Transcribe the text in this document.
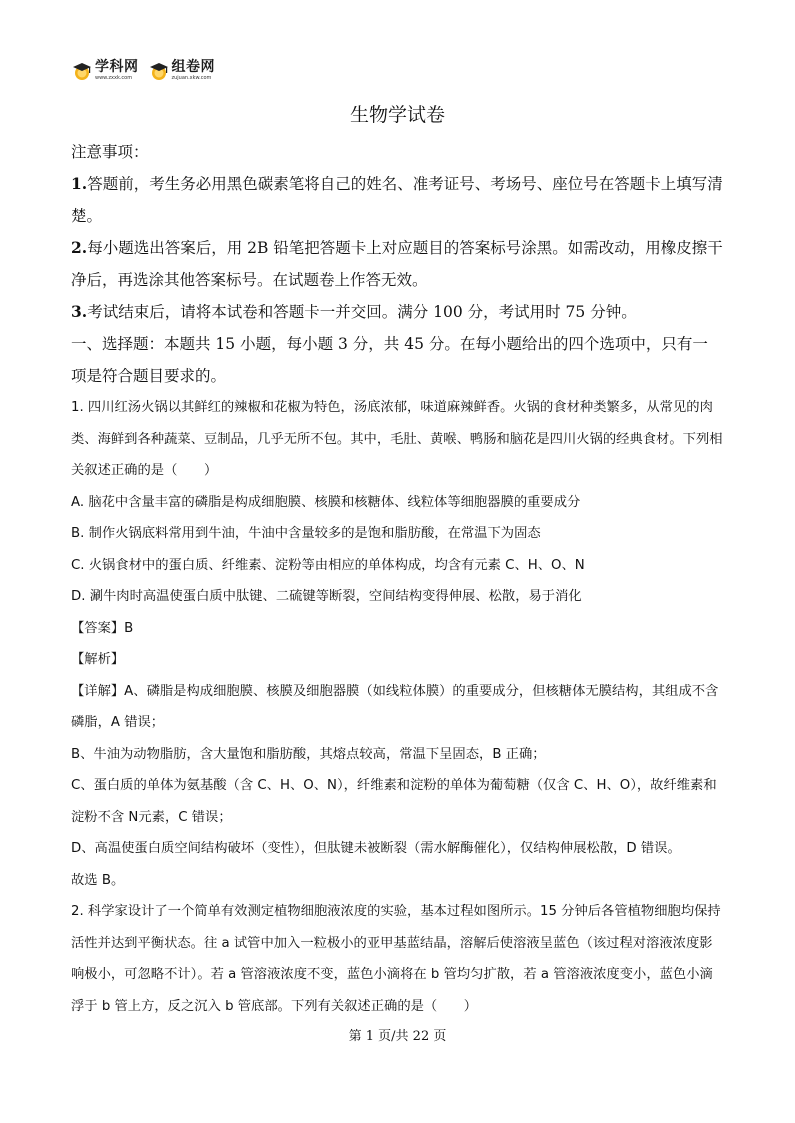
学科网
www.zxxk.com
组卷网
zujuan.xkw.com
生物学试卷

注意事项：

1.答题前，考生务必用黑色碳素笔将自己的姓名、准考证号、考场号、座位号在答题卡上填写清楚。

2.每小题选出答案后，用 2B 铅笔把答题卡上对应题目的答案标号涂黑。如需改动，用橡皮擦干净后，再选涂其他答案标号。在试题卷上作答无效。

3.考试结束后，请将本试卷和答题卡一并交回。满分 100 分，考试用时 75 分钟。

一、选择题：本题共 15 小题，每小题 3 分，共 45 分。在每小题给出的四个选项中，只有一项是符合题目要求的。

1. 四川红汤火锅以其鲜红的辣椒和花椒为特色，汤底浓郁，味道麻辣鲜香。火锅的食材种类繁多，从常见的肉类、海鲜到各种蔬菜、豆制品，几乎无所不包。其中，毛肚、黄喉、鸭肠和脑花是四川火锅的经典食材。下列相关叙述正确的是（　　）

A. 脑花中含量丰富的磷脂是构成细胞膜、核膜和核糖体、线粒体等细胞器膜的重要成分

B. 制作火锅底料常用到牛油，牛油中含量较多的是饱和脂肪酸，在常温下为固态

C. 火锅食材中的蛋白质、纤维素、淀粉等由相应的单体构成，均含有元素 C、H、O、N

D. 涮牛肉时高温使蛋白质中肽键、二硫键等断裂，空间结构变得伸展、松散，易于消化

【答案】B

【解析】

【详解】A、磷脂是构成细胞膜、核膜及细胞器膜（如线粒体膜）的重要成分，但核糖体无膜结构，其组成不含磷脂，A 错误；

B、牛油为动物脂肪，含大量饱和脂肪酸，其熔点较高，常温下呈固态，B 正确；

C、蛋白质的单体为氨基酸（含 C、H、O、N），纤维素和淀粉的单体为葡萄糖（仅含 C、H、O），故纤维素和淀粉不含 N元素，C 错误；

D、高温使蛋白质空间结构破坏（变性），但肽键未被断裂（需水解酶催化），仅结构伸展松散，D 错误。

故选 B。

2. 科学家设计了一个简单有效测定植物细胞液浓度的实验，基本过程如图所示。15 分钟后各管植物细胞均保持活性并达到平衡状态。往 a 试管中加入一粒极小的亚甲基蓝结晶，溶解后使溶液呈蓝色（该过程对溶液浓度影响极小，可忽略不计）。若 a 管溶液浓度不变，蓝色小滴将在 b 管均匀扩散，若 a 管溶液浓度变小，蓝色小滴浮于 b 管上方，反之沉入 b 管底部。下列有关叙述正确的是（　　）

第 1 页/共 22 页
